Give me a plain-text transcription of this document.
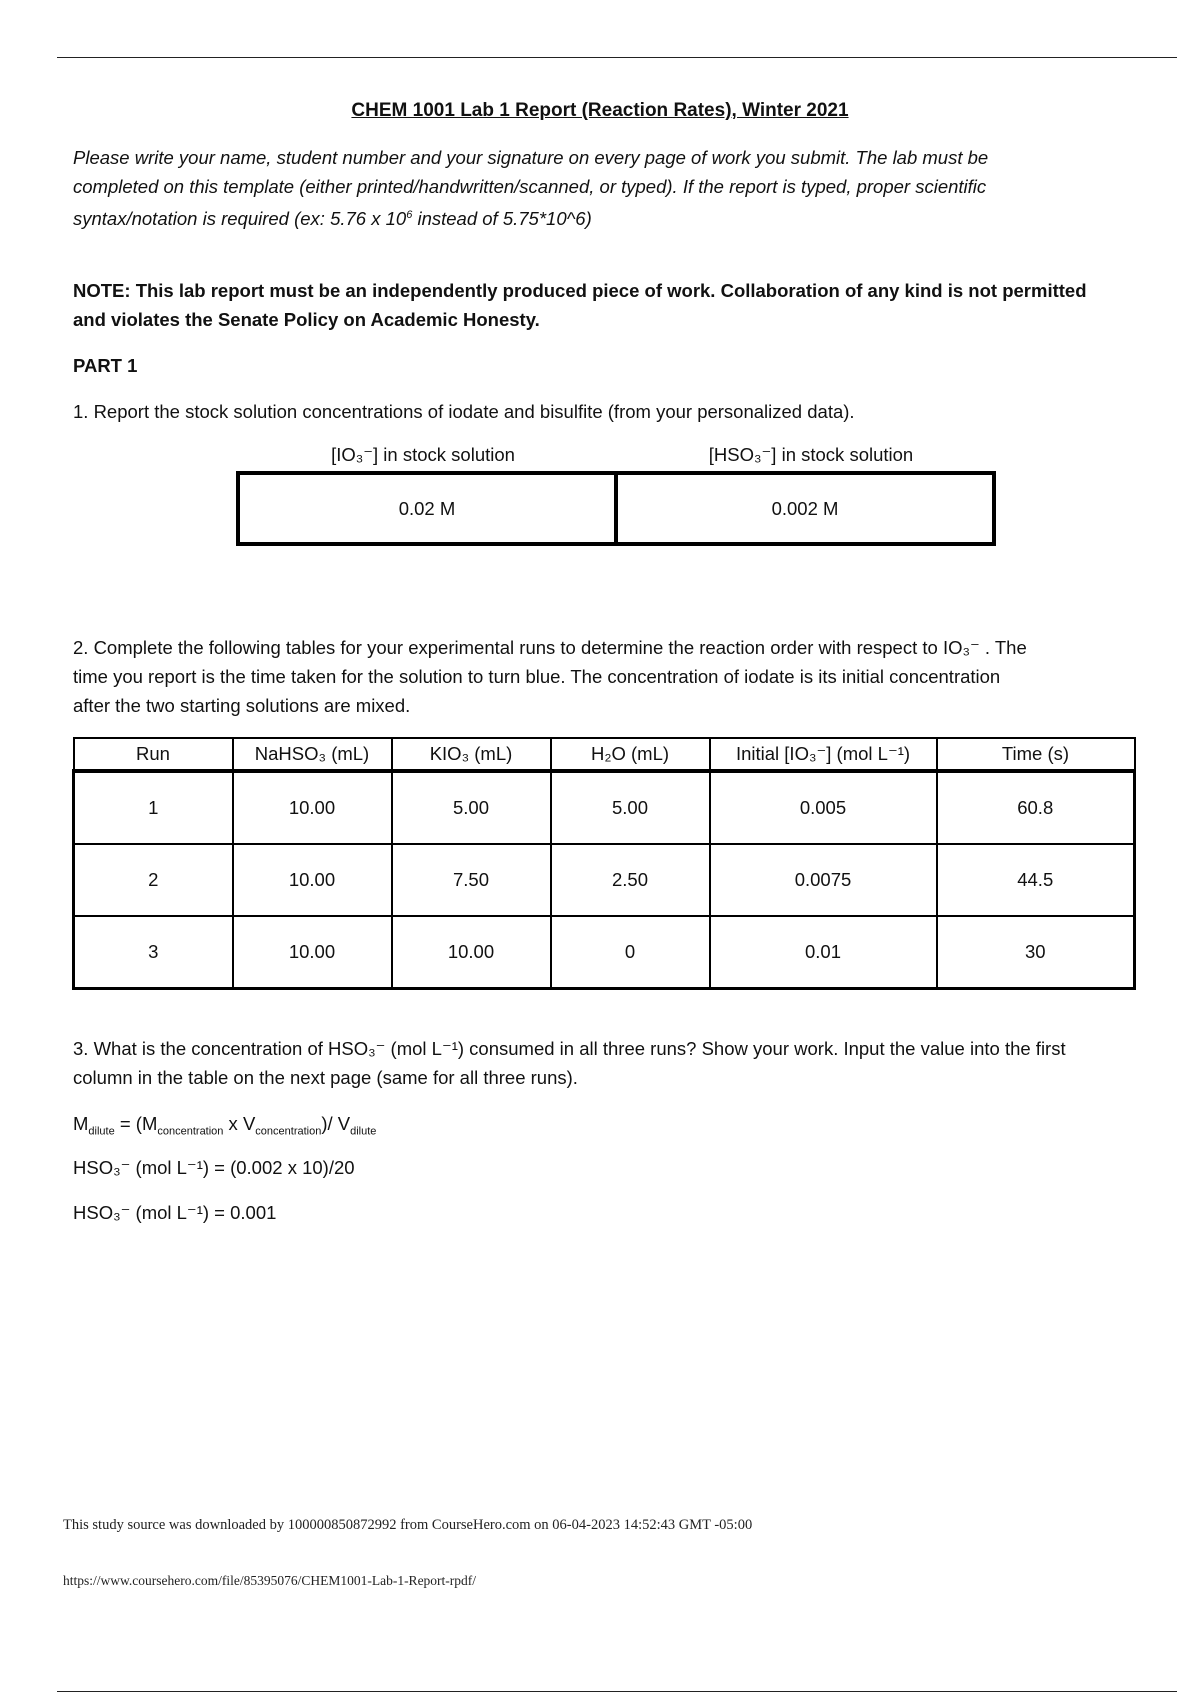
CHEM 1001 Lab 1 Report (Reaction Rates), Winter 2021
Please write your name, student number and your signature on every page of work you submit. The lab must be
completed on this template (either printed/handwritten/scanned, or typed). If the report is typed, proper scientific
syntax/notation is required (ex: 5.76 x $10^6$ instead of 5.75*10^6)
NOTE: This lab report must be an independently produced piece of work. Collaboration of any kind is not permitted
and violates the Senate Policy on Academic Honesty.
PART 1
1. Report the stock solution concentrations of iodate and bisulfite (from your personalized data).
[IO₃⁻] in stock solution	[HSO₃⁻] in stock solution
0.02 M	0.002 M
2. Complete the following tables for your experimental runs to determine the reaction order with respect to IO₃⁻ . The
time you report is the time taken for the solution to turn blue. The concentration of iodate is its initial concentration
after the two starting solutions are mixed.
Run	NaHSO₃ (mL)	KIO₃ (mL)	H₂O (mL)	Initial [IO₃⁻] (mol L⁻¹)	Time (s)
1	10.00	5.00	5.00	0.005	60.8
2	10.00	7.50	2.50	0.0075	44.5
3	10.00	10.00	0	0.01	30
3. What is the concentration of HSO₃⁻ (mol L⁻¹) consumed in all three runs? Show your work. Input the value into the first
column in the table on the next page (same for all three runs).
$M_{dilute} = (M_{concentration}$ x $V_{concentration})/$ $V_{dilute}$
HSO₃⁻ (mol L⁻¹) = (0.002 x 10)/20
HSO₃⁻ (mol L⁻¹) = 0.001
This study source was downloaded by 100000850872992 from CourseHero.com on 06-04-2023 14:52:43 GMT -05:00
https://www.coursehero.com/file/85395076/CHEM1001-Lab-1-Report-rpdf/
